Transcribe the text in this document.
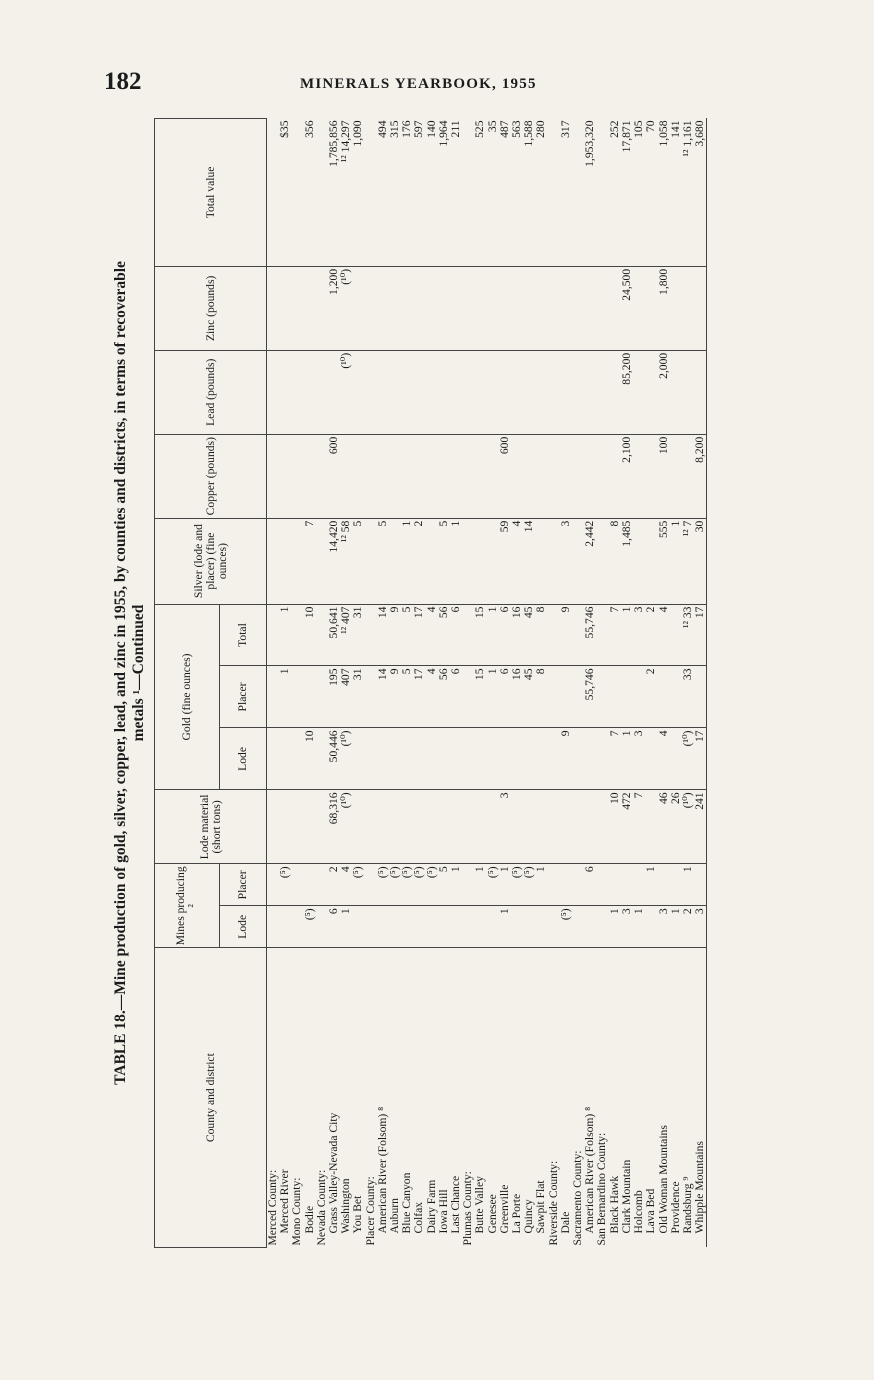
182	MINERALS YEARBOOK, 1955
TABLE 18.—Mine production of gold, silver, copper, lead, and zinc in 1955, by counties and districts, in terms of recoverable metals ¹—Continued
County and district	Mines producing ²		Lode material (short tons)	Gold (fine ounces)			Silver (lode and placer) (fine ounces)	Copper (pounds)	Lead (pounds)	Zinc (pounds)	Total value
	Lode	Placer		Lode	Placer	Total					
Merced County:											
Merced River		(⁵)			1	1					$35
Mono County:											
Bodie	(⁵)			10		10	7				356
Nevada County:											
Grass Valley-Nevada City	6	2	68,316	50,446	195	50,641	14,420	600		1,200	1,785,856
Washington	1	4	(¹⁰)	(¹⁰)	407	¹² 407	¹² 58		(¹⁰)	(¹⁰)	¹² 14,297
You Bet		(⁵)			31	31	5				1,090
Placer County:											
American River (Folsom) ⁸		(⁵)			14	14	5				494
Auburn		(⁵)			9	9					315
Blue Canyon		(⁵)			5	5	1				176
Colfax		(⁵)			17	17	2				597
Dairy Farm		(⁵)			4	4					140
Iowa Hill		5			56	56	5				1,964
Last Chance		1			6	6	1				211
Plumas County:											
Butte Valley		1			15	15					525
Genesee		(⁵)			1	1					35
Greenville	1	1	3		6	6	59	600			487
La Porte		(⁵)			16	16	4				563
Quincy		(⁵)			45	45	14				1,588
Sawpit Flat		1			8	8					280
Riverside County:											
Dale	(⁵)			9		9	3				317
Sacramento County:											
American River (Folsom) ⁸		6			55,746	55,746	2,442				1,953,320
San Bernardino County:											
Black Hawk	1		10	7		7	8				252
Clark Mountain	3		472	1		1	1,485	2,100	85,200	24,500	17,871
Holcomb	1		7	3		3					105
Lava Bed		1			2	2					70
Old Woman Mountains	3		46	4		4	555	100	2,000	1,800	1,058
Providence	1		26				1				141
Randsburg ⁹	2	1	(¹⁰)	(¹⁰)	33	¹² 33	¹² 7				¹² 1,161
Whipple Mountains	3		241	17		17	30	8,200			3,680
